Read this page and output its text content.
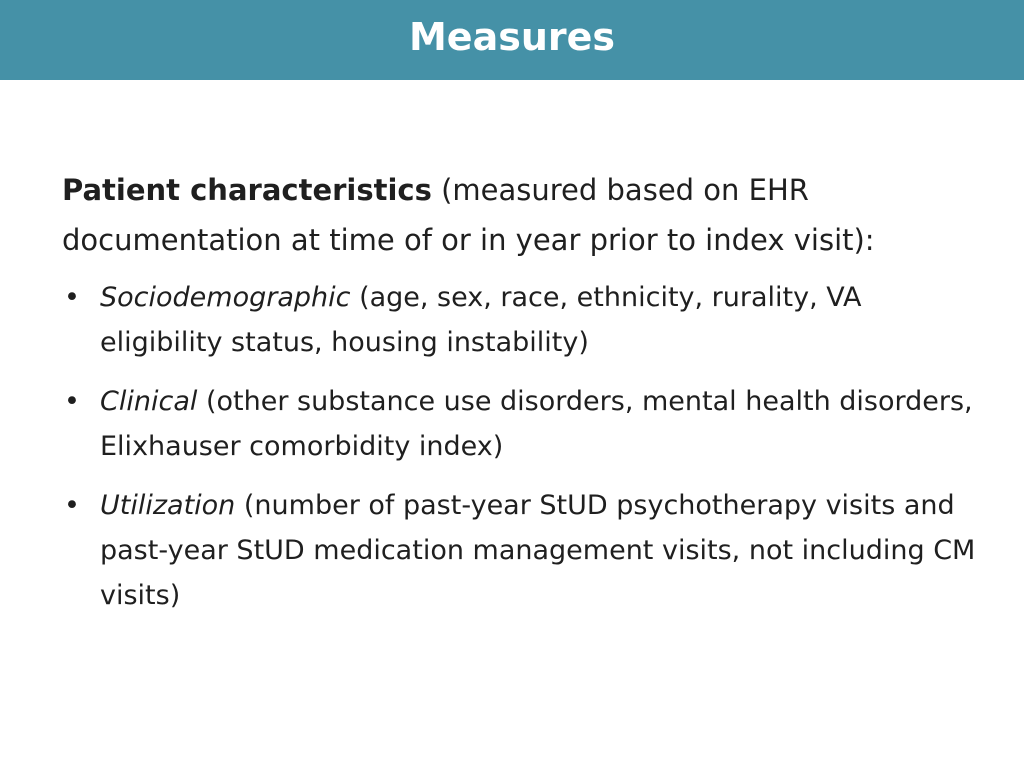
Measures

Patient characteristics (measured based on EHR documentation at time of or in year prior to index visit):

• Sociodemographic (age, sex, race, ethnicity, rurality, VA eligibility status, housing instability)
• Clinical (other substance use disorders, mental health disorders, Elixhauser comorbidity index)
• Utilization (number of past-year StUD psychotherapy visits and past-year StUD medication management visits, not including CM visits)
